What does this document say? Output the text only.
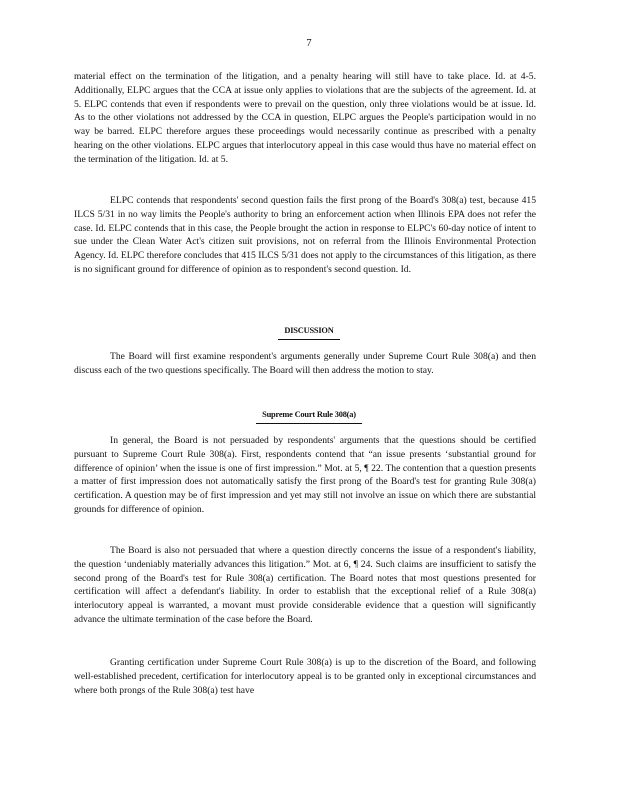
7

material effect on the termination of the litigation, and a penalty hearing will still have to take place. Id. at 4-5. Additionally, ELPC argues that the CCA at issue only applies to violations that are the subjects of the agreement. Id. at 5. ELPC contends that even if respondents were to prevail on the question, only three violations would be at issue. Id. As to the other violations not addressed by the CCA in question, ELPC argues the People's participation would in no way be barred. ELPC therefore argues these proceedings would necessarily continue as prescribed with a penalty hearing on the other violations. ELPC argues that interlocutory appeal in this case would thus have no material effect on the termination of the litigation. Id. at 5.

ELPC contends that respondents' second question fails the first prong of the Board's 308(a) test, because 415 ILCS 5/31 in no way limits the People's authority to bring an enforcement action when Illinois EPA does not refer the case. Id. ELPC contends that in this case, the People brought the action in response to ELPC's 60-day notice of intent to sue under the Clean Water Act's citizen suit provisions, not on referral from the Illinois Environmental Protection Agency. Id. ELPC therefore concludes that 415 ILCS 5/31 does not apply to the circumstances of this litigation, as there is no significant ground for difference of opinion as to respondent's second question. Id.

DISCUSSION

The Board will first examine respondent's arguments generally under Supreme Court Rule 308(a) and then discuss each of the two questions specifically. The Board will then address the motion to stay.

Supreme Court Rule 308(a)

In general, the Board is not persuaded by respondents' arguments that the questions should be certified pursuant to Supreme Court Rule 308(a). First, respondents contend that “an issue presents ‘substantial ground for difference of opinion’ when the issue is one of first impression.” Mot. at 5, ¶ 22. The contention that a question presents a matter of first impression does not automatically satisfy the first prong of the Board's test for granting Rule 308(a) certification. A question may be of first impression and yet may still not involve an issue on which there are substantial grounds for difference of opinion.

The Board is also not persuaded that where a question directly concerns the issue of a respondent's liability, the question ‘undeniably materially advances this litigation.” Mot. at 6, ¶ 24. Such claims are insufficient to satisfy the second prong of the Board's test for Rule 308(a) certification. The Board notes that most questions presented for certification will affect a defendant's liability. In order to establish that the exceptional relief of a Rule 308(a) interlocutory appeal is warranted, a movant must provide considerable evidence that a question will significantly advance the ultimate termination of the case before the Board.

Granting certification under Supreme Court Rule 308(a) is up to the discretion of the Board, and following well-established precedent, certification for interlocutory appeal is to be granted only in exceptional circumstances and where both prongs of the Rule 308(a) test have
